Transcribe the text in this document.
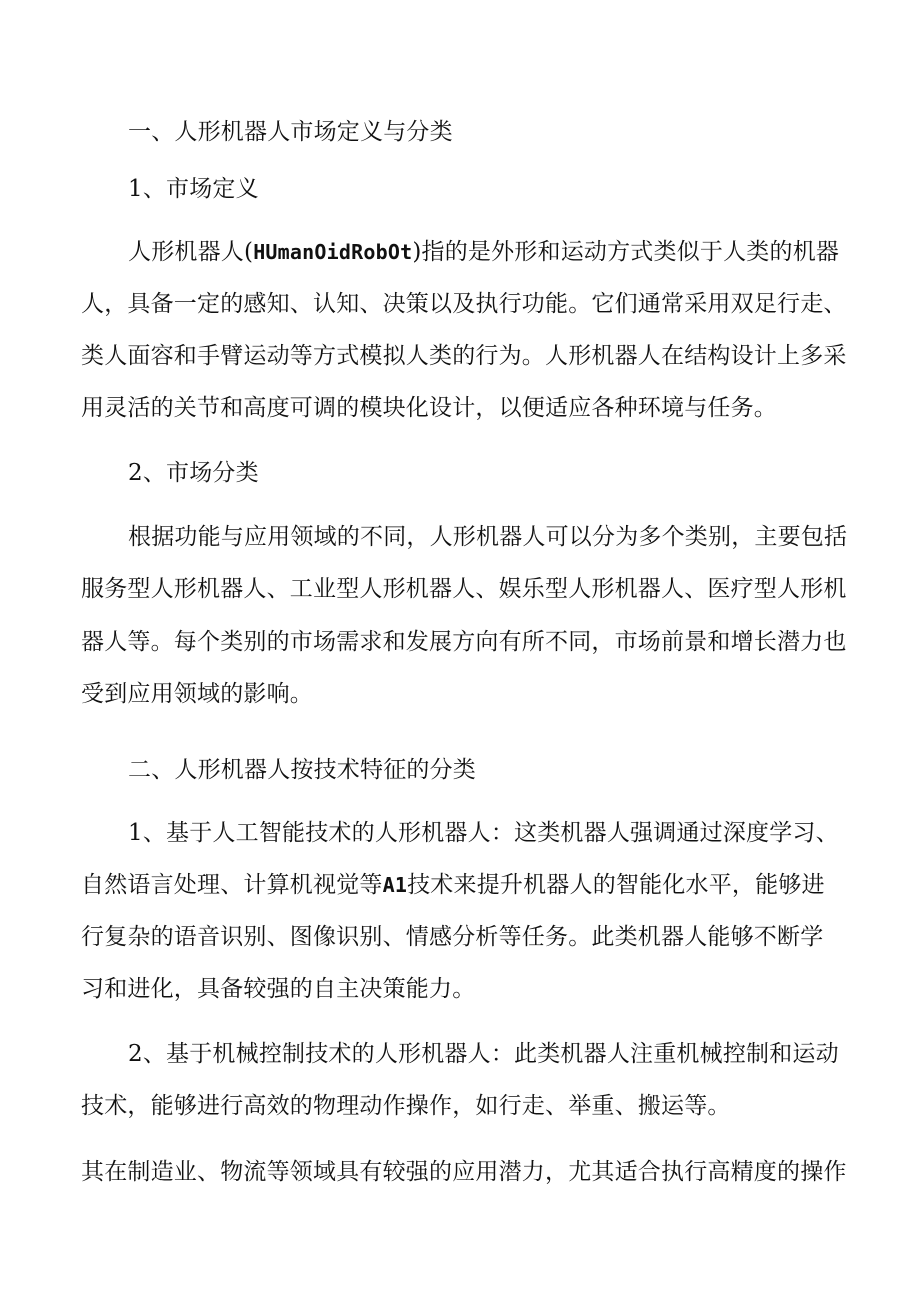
一、人形机器人市场定义与分类
1、市场定义
人形机器人(HUmanOidRobOt)指的是外形和运动方式类似于人类的机器
人，具备一定的感知、认知、决策以及执行功能。它们通常采用双足行走、
类人面容和手臂运动等方式模拟人类的行为。人形机器人在结构设计上多采
用灵活的关节和高度可调的模块化设计，以便适应各种环境与任务。
2、市场分类
根据功能与应用领域的不同，人形机器人可以分为多个类别，主要包括
服务型人形机器人、工业型人形机器人、娱乐型人形机器人、医疗型人形机
器人等。每个类别的市场需求和发展方向有所不同，市场前景和增长潜力也
受到应用领域的影响。
二、人形机器人按技术特征的分类
1、基于人工智能技术的人形机器人：这类机器人强调通过深度学习、
自然语言处理、计算机视觉等A1技术来提升机器人的智能化水平，能够进
行复杂的语音识别、图像识别、情感分析等任务。此类机器人能够不断学
习和进化，具备较强的自主决策能力。
2、基于机械控制技术的人形机器人：此类机器人注重机械控制和运动
技术，能够进行高效的物理动作操作，如行走、举重、搬运等。
其在制造业、物流等领域具有较强的应用潜力，尤其适合执行高精度的操作
